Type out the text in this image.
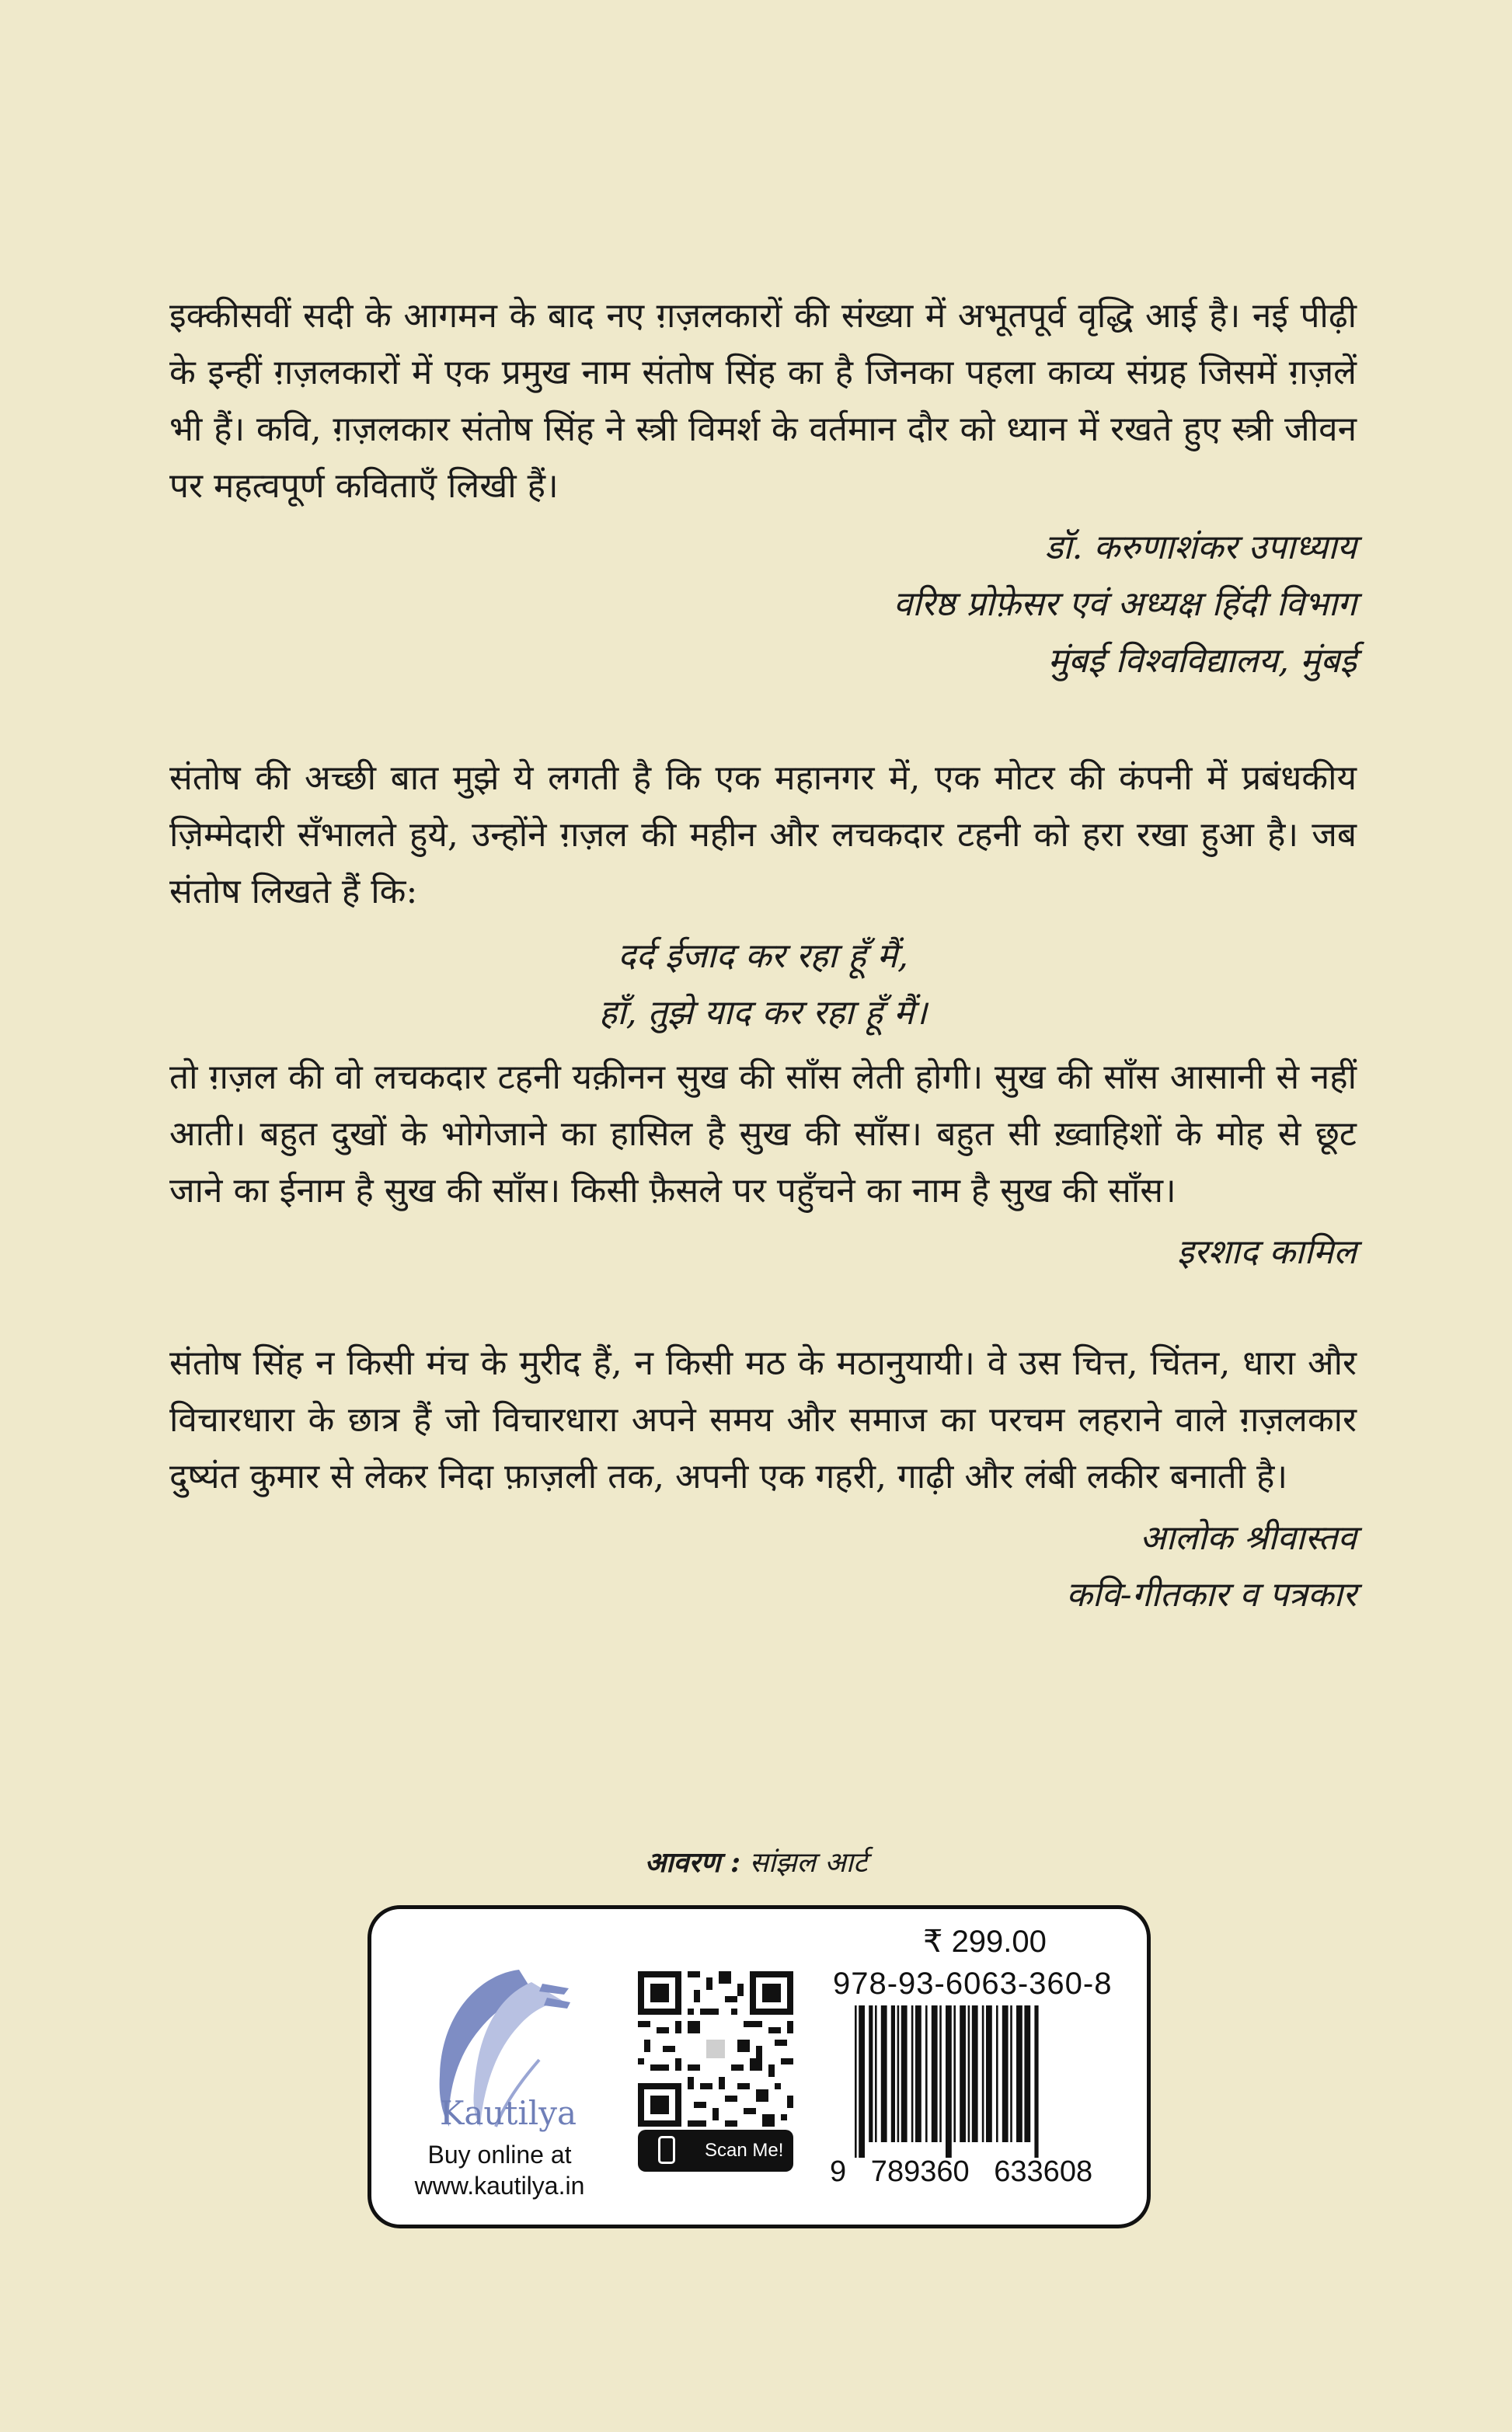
इक्कीसवीं सदी के आगमन के बाद नए ग़ज़लकारों की संख्या में अभूतपूर्व वृद्धि आई है। नई पीढ़ी के इन्हीं ग़ज़लकारों में एक प्रमुख नाम संतोष सिंह का है जिनका पहला काव्य संग्रह जिसमें ग़ज़लें भी हैं। कवि, ग़ज़लकार संतोष सिंह ने स्त्री विमर्श के वर्तमान दौर को ध्यान में रखते हुए स्त्री जीवन पर महत्वपूर्ण कविताएँ लिखी हैं।

डॉ. करुणाशंकर उपाध्याय
वरिष्ठ प्रोफ़ेसर एवं अध्यक्ष हिंदी विभाग
मुंबई विश्वविद्यालय, मुंबई

संतोष की अच्छी बात मुझे ये लगती है कि एक महानगर में, एक मोटर की कंपनी में प्रबंधकीय ज़िम्मेदारी सँभालते हुये, उन्होंने ग़ज़ल की महीन और लचकदार टहनी को हरा रखा हुआ है। जब संतोष लिखते हैं कि:

दर्द ईजाद कर रहा हूँ मैं,
हाँ, तुझे याद कर रहा हूँ मैं।

तो ग़ज़ल की वो लचकदार टहनी यक़ीनन सुख की साँस लेती होगी। सुख की साँस आसानी से नहीं आती। बहुत दुखों के भोगेजाने का हासिल है सुख की साँस। बहुत सी ख़्वाहिशों के मोह से छूट जाने का ईनाम है सुख की साँस। किसी फ़ैसले पर पहुँचने का नाम है सुख की साँस।

इरशाद कामिल

संतोष सिंह न किसी मंच के मुरीद हैं, न किसी मठ के मठानुयायी। वे उस चित्त, चिंतन, धारा और विचारधारा के छात्र हैं जो विचारधारा अपने समय और समाज का परचम लहराने वाले ग़ज़लकार दुष्यंत कुमार से लेकर निदा फ़ाज़ली तक, अपनी एक गहरी, गाढ़ी और लंबी लकीर बनाती है।

आलोक श्रीवास्तव
कवि-गीतकार व पत्रकार
आवरण : सांझल आर्ट
Kautilya
Buy online at
www.kautilya.in
Scan Me!
₹ 299.00
978-93-6063-360-8
9   789360   633608
